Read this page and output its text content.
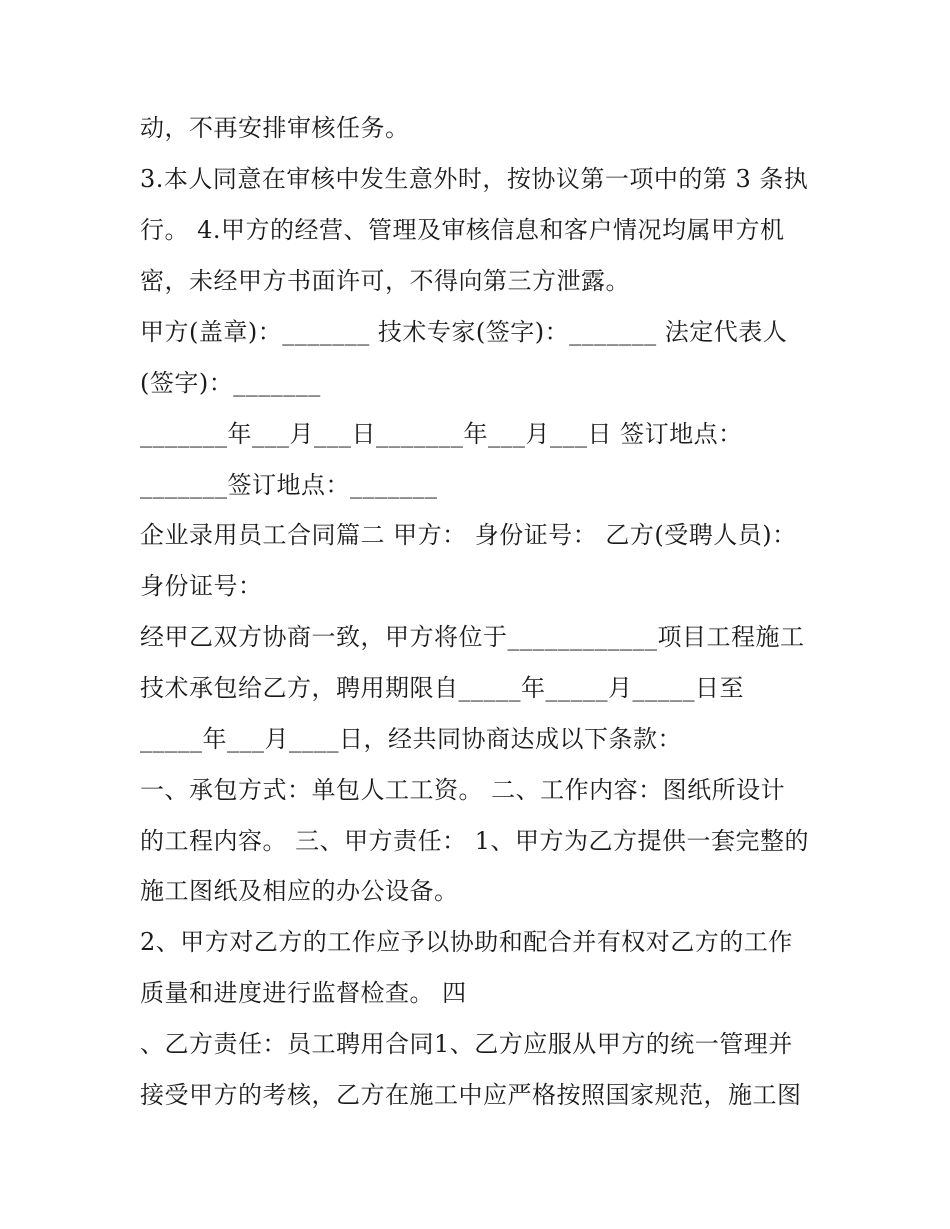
动，不再安排审核任务。
3.本人同意在审核中发生意外时，按协议第一项中的第 3 条执
行。 4.甲方的经营、管理及审核信息和客户情况均属甲方机
密，未经甲方书面许可，不得向第三方泄露。
甲方(盖章)：_______ 技术专家(签字)：_______ 法定代表人
(签字)：_______
_______年___月___日_______年___月___日 签订地点：
_______签订地点：_______
企业录用员工合同篇二 甲方： 身份证号： 乙方(受聘人员)：
身份证号：
经甲乙双方协商一致，甲方将位于____________项目工程施工
技术承包给乙方，聘用期限自_____年_____月_____日至
_____年___月____日，经共同协商达成以下条款：
一、承包方式：单包人工工资。 二、工作内容：图纸所设计
的工程内容。 三、甲方责任： 1、甲方为乙方提供一套完整的
施工图纸及相应的办公设备。
2、甲方对乙方的工作应予以协助和配合并有权对乙方的工作
质量和进度进行监督检查。 四
、乙方责任：员工聘用合同1、乙方应服从甲方的统一管理并
接受甲方的考核，乙方在施工中应严格按照国家规范，施工图
